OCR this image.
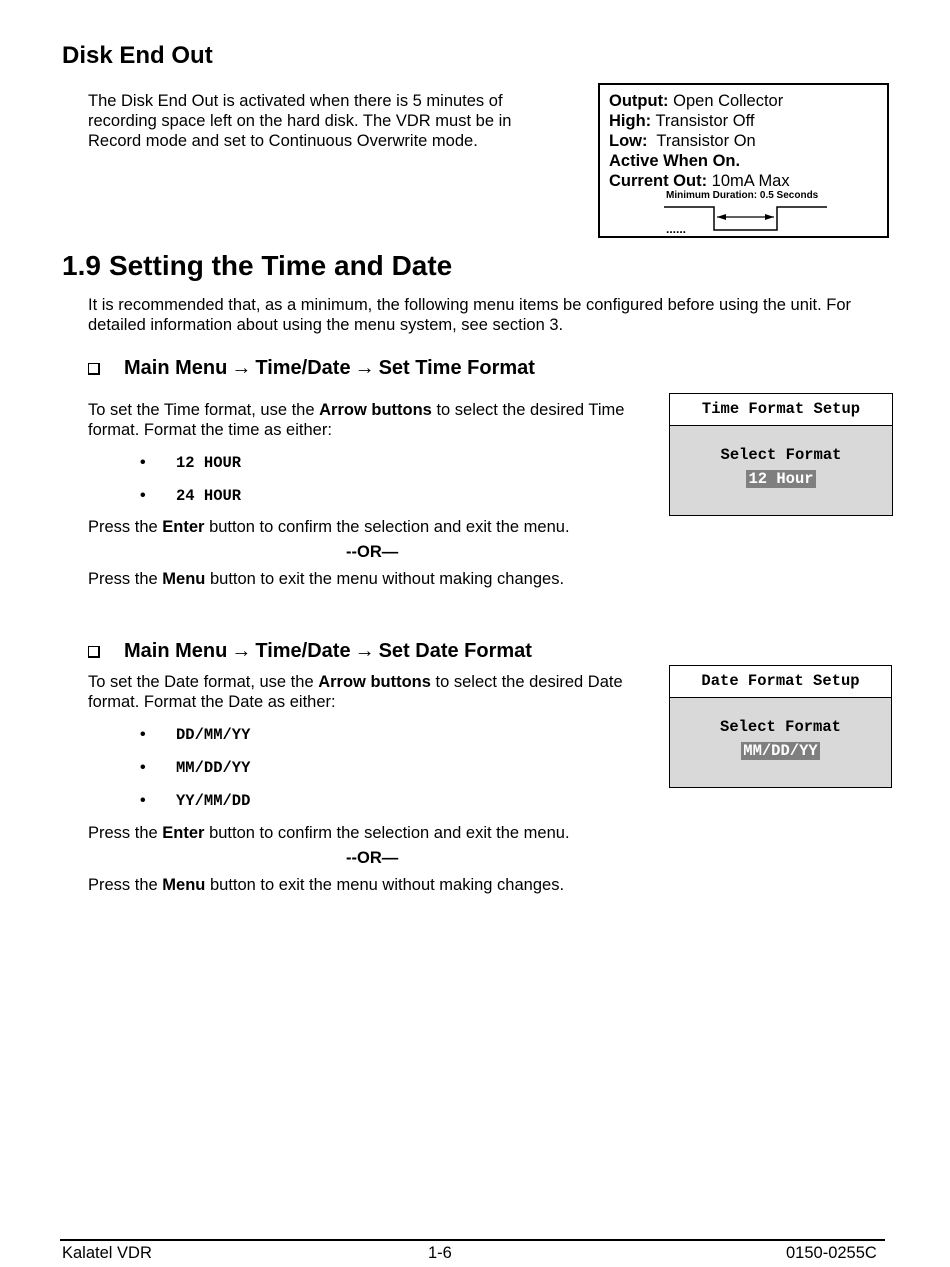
Disk End Out
The Disk End Out is activated when there is 5 minutes of recording space left on the hard disk. The VDR must be in Record mode and set to Continuous Overwrite mode.
Output: Open Collector
High: Transistor Off
Low:  Transistor On
Active When On.
Current Out: 10mA Max
Minimum Duration: 0.5 Seconds
......
1.9 Setting the Time and Date
It is recommended that, as a minimum, the following menu items be configured before using the unit. For detailed information about using the menu system, see section 3.
Main Menu → Time/Date → Set Time Format
To set the Time format, use the Arrow buttons to select the desired Time format. Format the time as either:
• 12 HOUR
• 24 HOUR
Press the Enter button to confirm the selection and exit the menu.
--OR—
Press the Menu button to exit the menu without making changes.
Time Format Setup
Select Format
12 Hour
Main Menu → Time/Date → Set Date Format
To set the Date format, use the Arrow buttons to select the desired Date format. Format the Date as either:
• DD/MM/YY
• MM/DD/YY
• YY/MM/DD
Press the Enter button to confirm the selection and exit the menu.
--OR—
Press the Menu button to exit the menu without making changes.
Date Format Setup
Select Format
MM/DD/YY
Kalatel VDR	1-6	0150-0255C
